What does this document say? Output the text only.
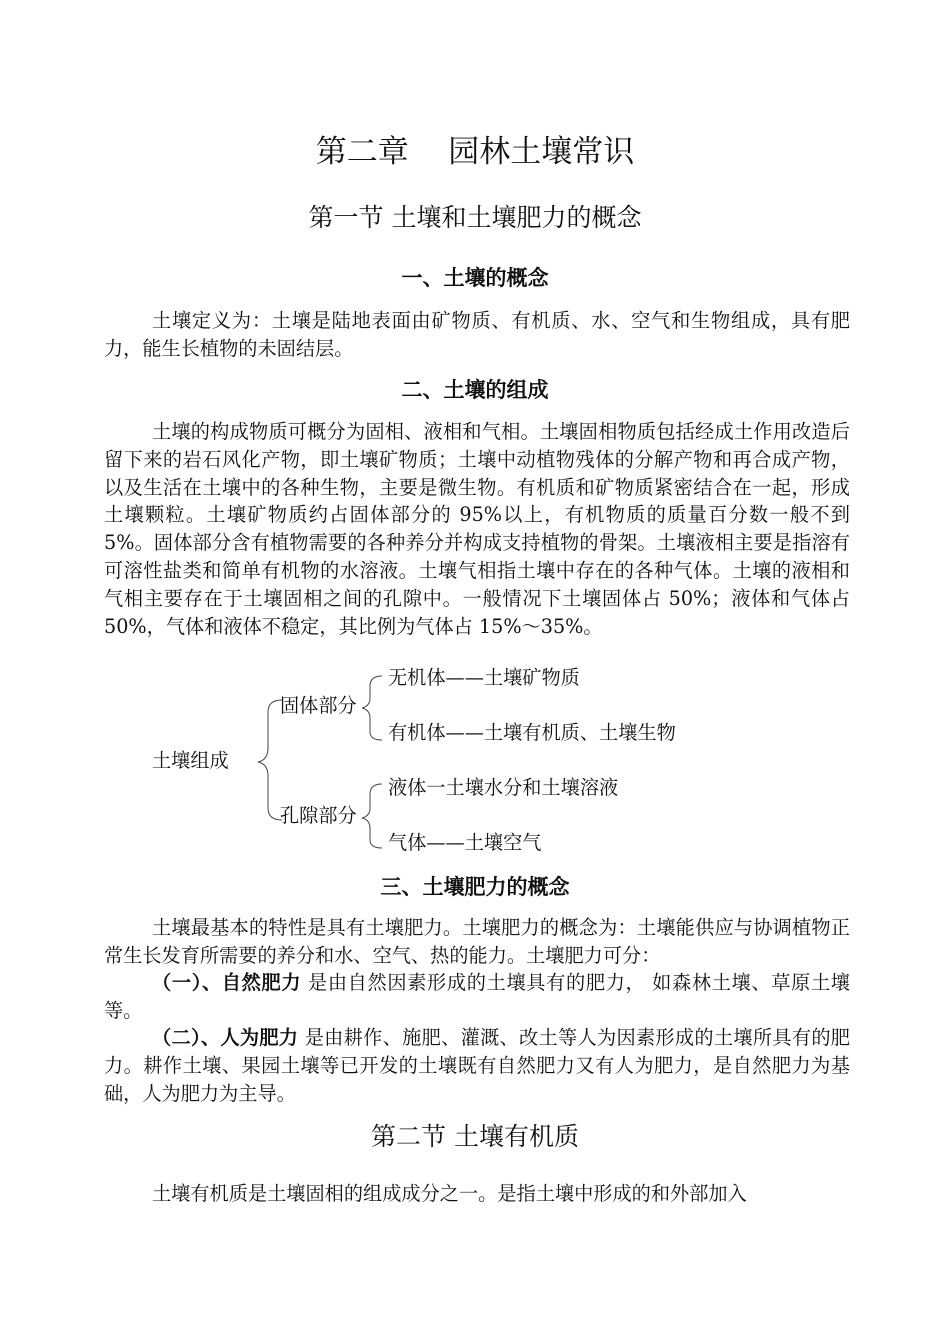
第二章    园林土壤常识
第一节 土壤和土壤肥力的概念
一、土壤的概念

土壤定义为：土壤是陆地表面由矿物质、有机质、水、空气和生物组成，具有肥力，能生长植物的未固结层。

二、土壤的组成

土壤的构成物质可概分为固相、液相和气相。土壤固相物质包括经成土作用改造后留下来的岩石风化产物，即土壤矿物质；土壤中动植物残体的分解产物和再合成产物，以及生活在土壤中的各种生物，主要是微生物。有机质和矿物质紧密结合在一起，形成土壤颗粒。土壤矿物质约占固体部分的 95%以上，有机物质的质量百分数一般不到 5%。固体部分含有植物需要的各种养分并构成支持植物的骨架。土壤液相主要是指溶有可溶性盐类和简单有机物的水溶液。土壤气相指土壤中存在的各种气体。土壤的液相和气相主要存在于土壤固相之间的孔隙中。一般情况下土壤固体占 50%；液体和气体占 50%，气体和液体不稳定，其比例为气体占 15%～35%。

土壤组成
固体部分
孔隙部分
无机体——土壤矿物质
有机体——土壤有机质、土壤生物
液体一土壤水分和土壤溶液
气体——土壤空气
三、土壤肥力的概念

土壤最基本的特性是具有土壤肥力。土壤肥力的概念为：土壤能供应与协调植物正常生长发育所需要的养分和水、空气、热的能力。土壤肥力可分：

（一）、自然肥力 是由自然因素形成的土壤具有的肥力， 如森林土壤、草原土壤等。

（二）、人为肥力 是由耕作、施肥、灌溉、改土等人为因素形成的土壤所具有的肥力。耕作土壤、果园土壤等已开发的土壤既有自然肥力又有人为肥力，是自然肥力为基础，人为肥力为主导。

第二节 土壤有机质

土壤有机质是土壤固相的组成成分之一。是指土壤中形成的和外部加入
